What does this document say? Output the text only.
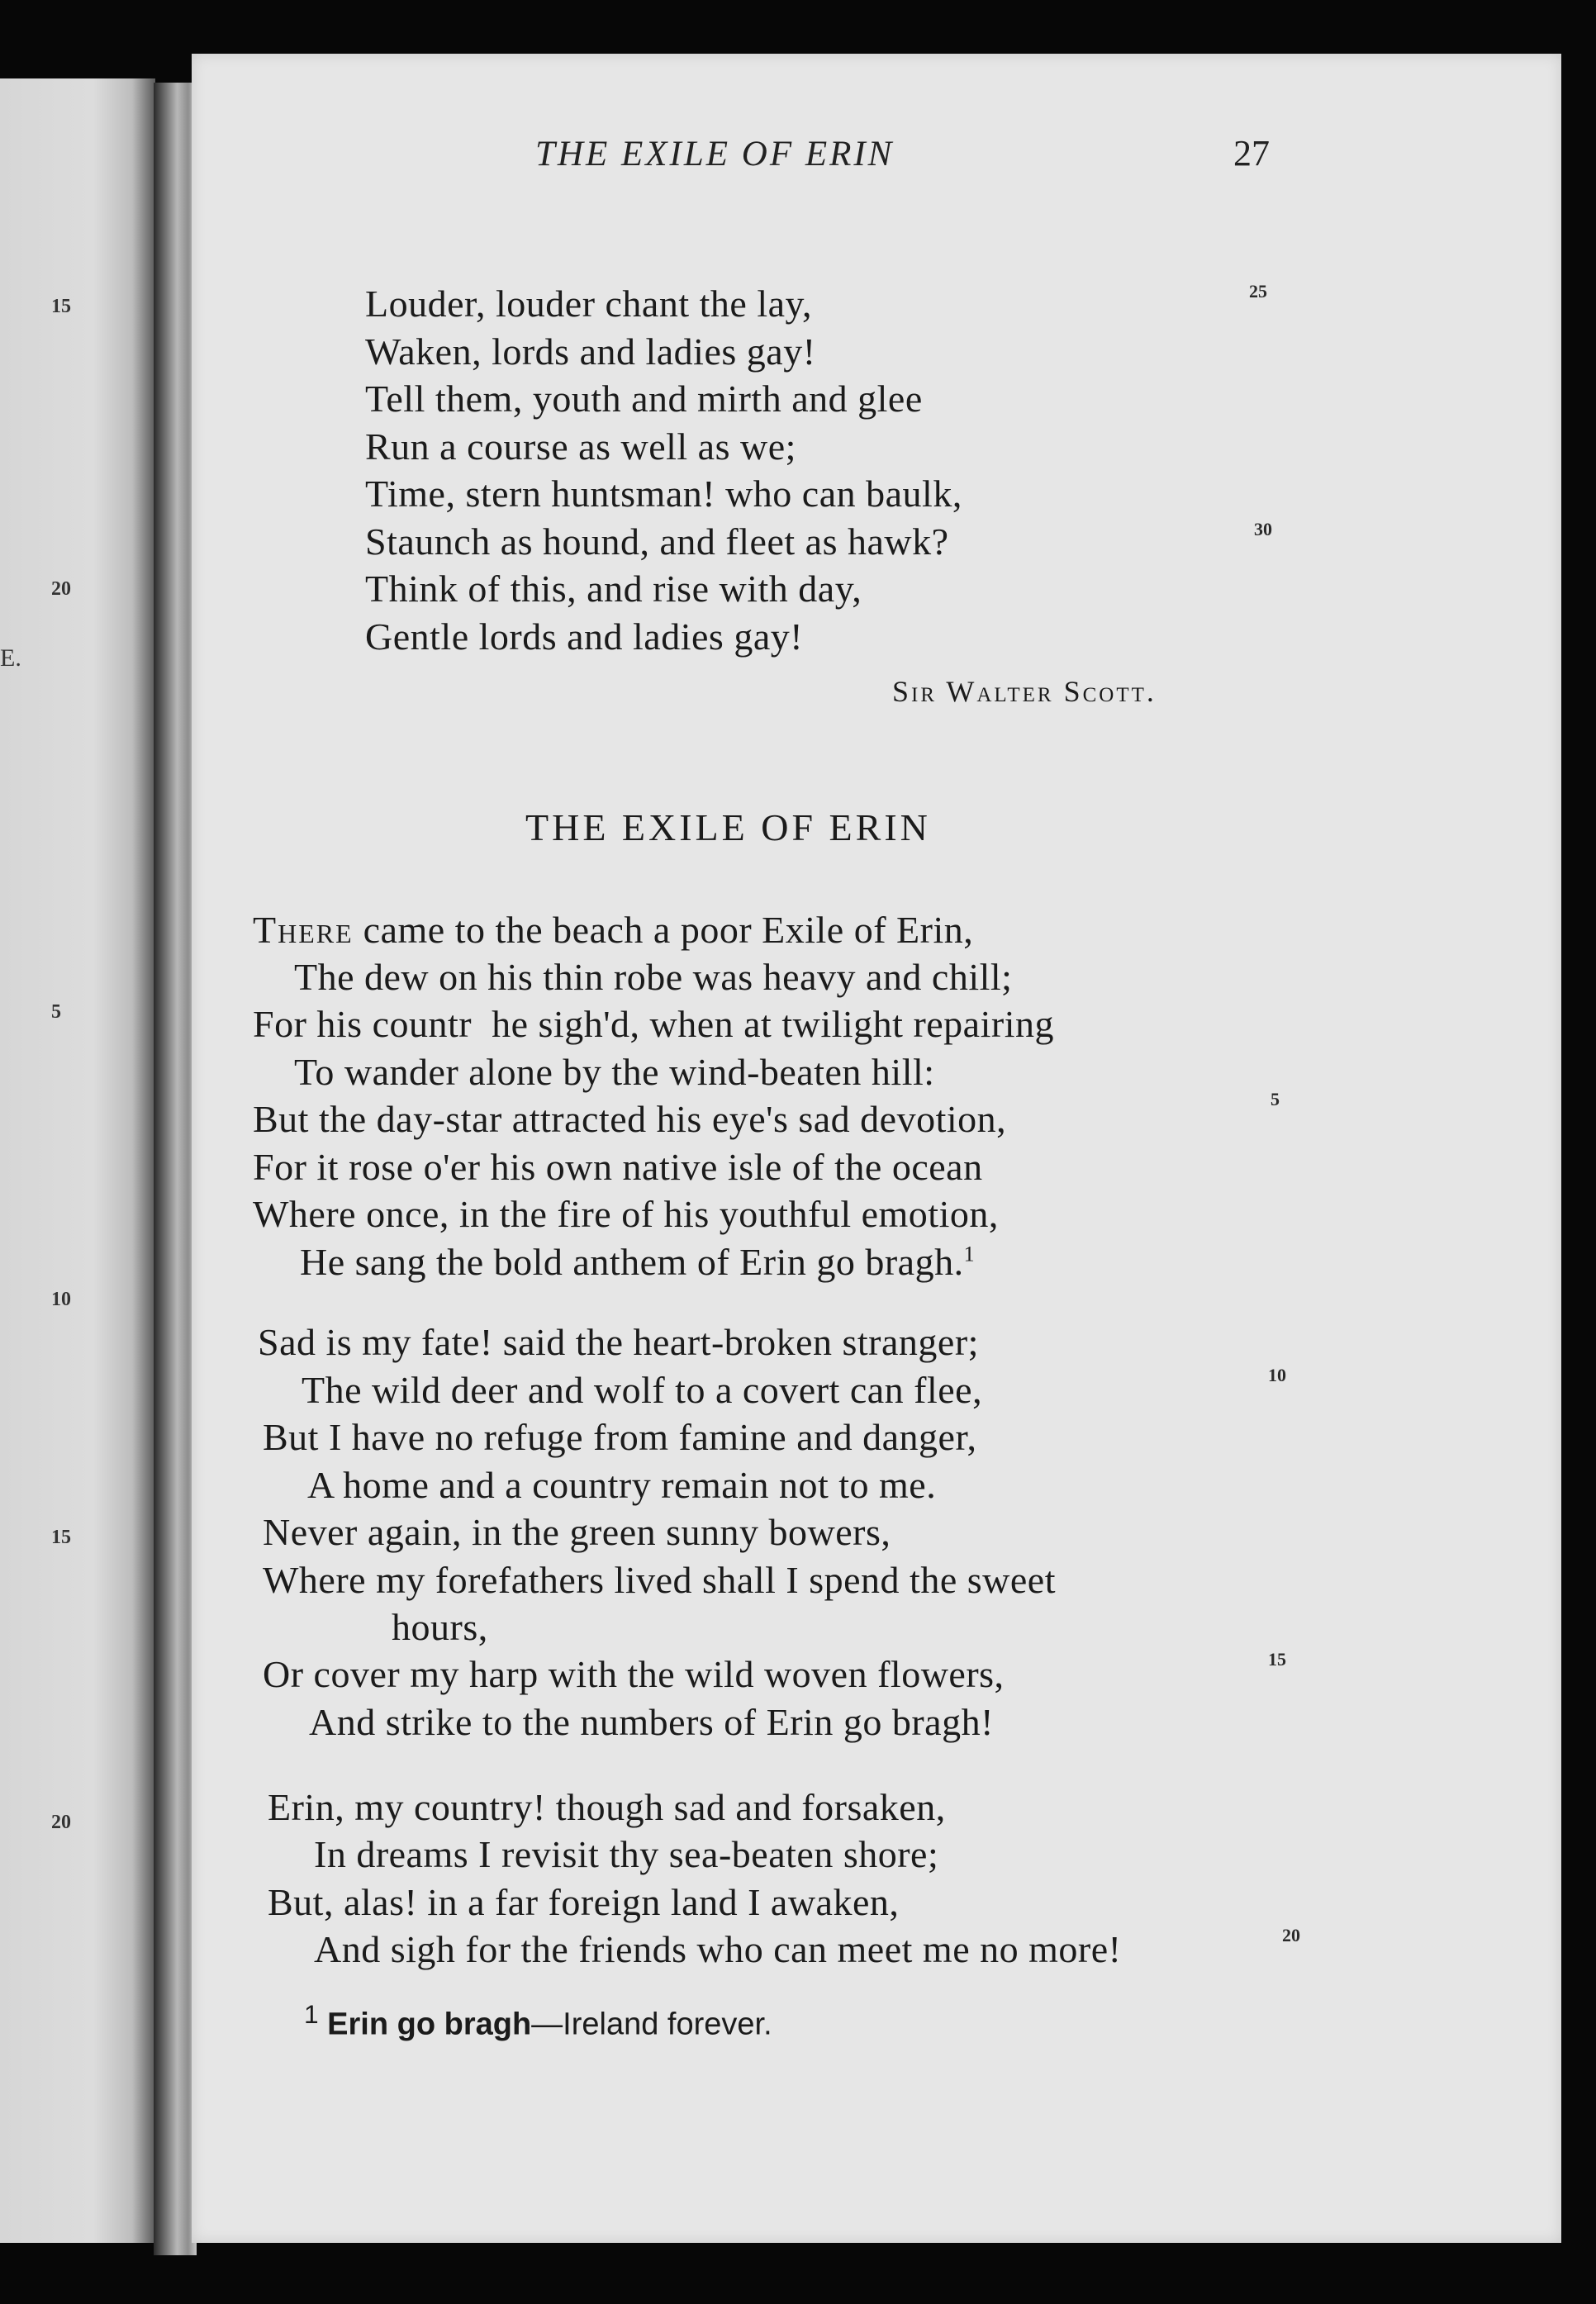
15
20
5
10
15
20
E.
THE EXILE OF ERIN	27
Louder, louder chant the lay,
Waken, lords and ladies gay!
Tell them, youth and mirth and glee
Run a course as well as we;
Time, stern huntsman! who can baulk,
Staunch as hound, and fleet as hawk?
Think of this, and rise with day,
Gentle lords and ladies gay!
25
30
Sir Walter Scott.
THE EXILE OF ERIN
There came to the beach a poor Exile of Erin,
The dew on his thin robe was heavy and chill;
For his countr  he sigh'd, when at twilight repairing
To wander alone by the wind-beaten hill:
But the day-star attracted his eye's sad devotion,
For it rose o'er his own native isle of the ocean
Where once, in the fire of his youthful emotion,
He sang the bold anthem of Erin go bragh.$^1$
Sad is my fate! said the heart-broken stranger;
The wild deer and wolf to a covert can flee,
But I have no refuge from famine and danger,
A home and a country remain not to me.
Never again, in the green sunny bowers,
Where my forefathers lived shall I spend the sweet
hours,
Or cover my harp with the wild woven flowers,
And strike to the numbers of Erin go bragh!
Erin, my country! though sad and forsaken,
In dreams I revisit thy sea-beaten shore;
But, alas! in a far foreign land I awaken,
And sigh for the friends who can meet me no more!
5
10
15
20
$^1$ Erin go bragh—Ireland forever.
